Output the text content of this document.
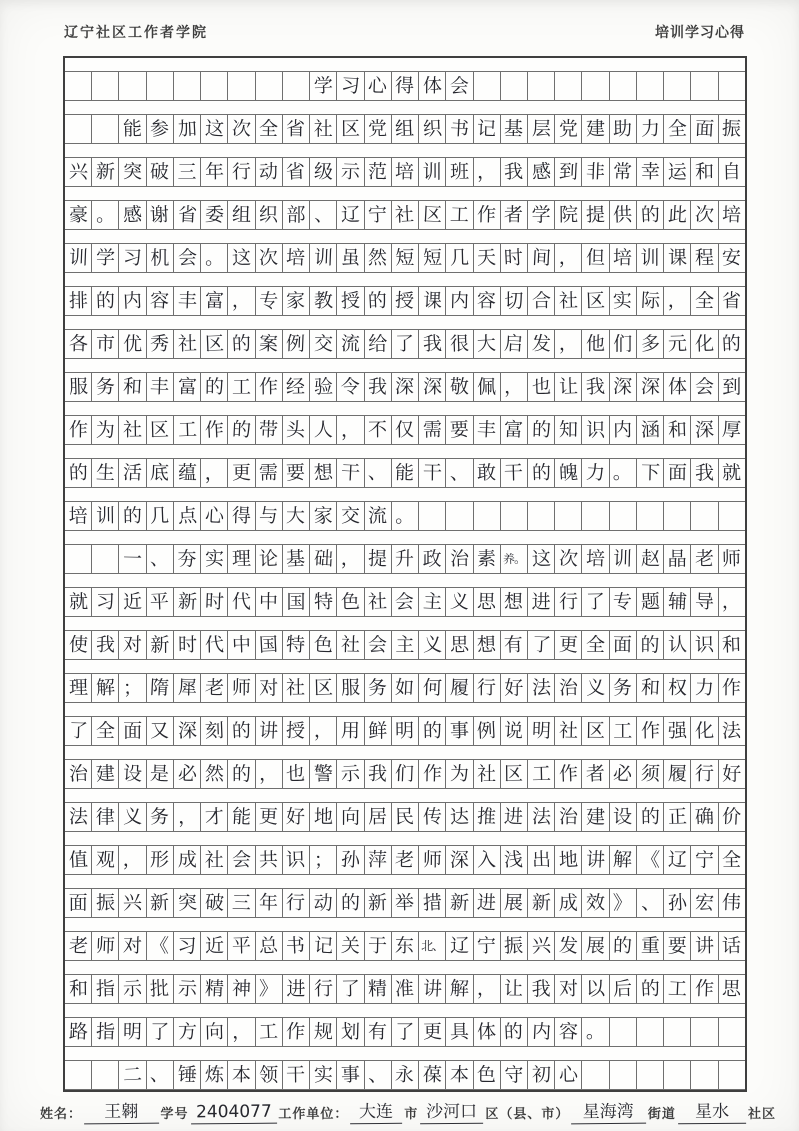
辽宁社区工作者学院	培训学习心得
学 习 心 得 体 会
能 参 加 这 次 全 省 社 区 党 组 织 书 记 基 层 党 建 助 力 全 面 振
兴 新 突 破 三 年 行 动 省 级 示 范 培 训 班 ， 我 感 到 非 常 幸 运 和 自
豪 。 感 谢 省 委 组 织 部 、 辽 宁 社 区 工 作 者 学 院 提 供 的 此 次 培
训 学 习 机 会 。 这 次 培 训 虽 然 短 短 几 天 时 间 ， 但 培 训 课 程 安
排 的 内 容 丰 富 ， 专 家 教 授 的 授 课 内 容 切 合 社 区 实 际 ， 全 省
各 市 优 秀 社 区 的 案 例 交 流 给 了 我 很 大 启 发 ， 他 们 多 元 化 的
服 务 和 丰 富 的 工 作 经 验 令 我 深 深 敬 佩 ， 也 让 我 深 深 体 会 到
作 为 社 区 工 作 的 带 头 人 ， 不 仅 需 要 丰 富 的 知 识 内 涵 和 深 厚
的 生 活 底 蕴 ， 更 需 要 想 干 、 能 干 、 敢 干 的 魄 力 。 下 面 我 就
培 训 的 几 点 心 得 与 大 家 交 流 。
一 、 夯 实 理 论 基 础 ， 提 升 政 治 素 养。 这 次 培 训 赵 晶 老 师
就 习 近 平 新 时 代 中 国 特 色 社 会 主 义 思 想 进 行 了 专 题 辅 导 ，
使 我 对 新 时 代 中 国 特 色 社 会 主 义 思 想 有 了 更 全 面 的 认 识 和
理 解 ； 隋 犀 老 师 对 社 区 服 务 如 何 履 行 好 法 治 义 务 和 权 力 作
了 全 面 又 深 刻 的 讲 授 ， 用 鲜 明 的 事 例 说 明 社 区 工 作 强 化 法
治 建 设 是 必 然 的 ， 也 警 示 我 们 作 为 社 区 工 作 者 必 须 履 行 好
法 律 义 务 ， 才 能 更 好 地 向 居 民 传 达 推 进 法 治 建 设 的 正 确 价
值 观 ， 形 成 社 会 共 识 ； 孙 萍 老 师 深 入 浅 出 地 讲 解 《 辽 宁 全
面 振 兴 新 突 破 三 年 行 动 的 新 举 措 新 进 展 新 成 效 》 、 孙 宏 伟
老 师 对 《 习 近 平 总 书 记 关 于 东 北、 辽 宁 振 兴 发 展 的 重 要 讲 话
和 指 示 批 示 精 神 》 进 行 了 精 准 讲 解 ， 让 我 对 以 后 的 工 作 思
路 指 明 了 方 向 ， 工 作 规 划 有 了 更 具 体 的 内 容 。
二 、 锤 炼 本 领 干 实 事 、 永 葆 本 色 守 初 心
姓名：	王翱	学号 2404077 工作单位： 大连 市 沙河口 区（县、市） 星海湾	街道	星水	社区
